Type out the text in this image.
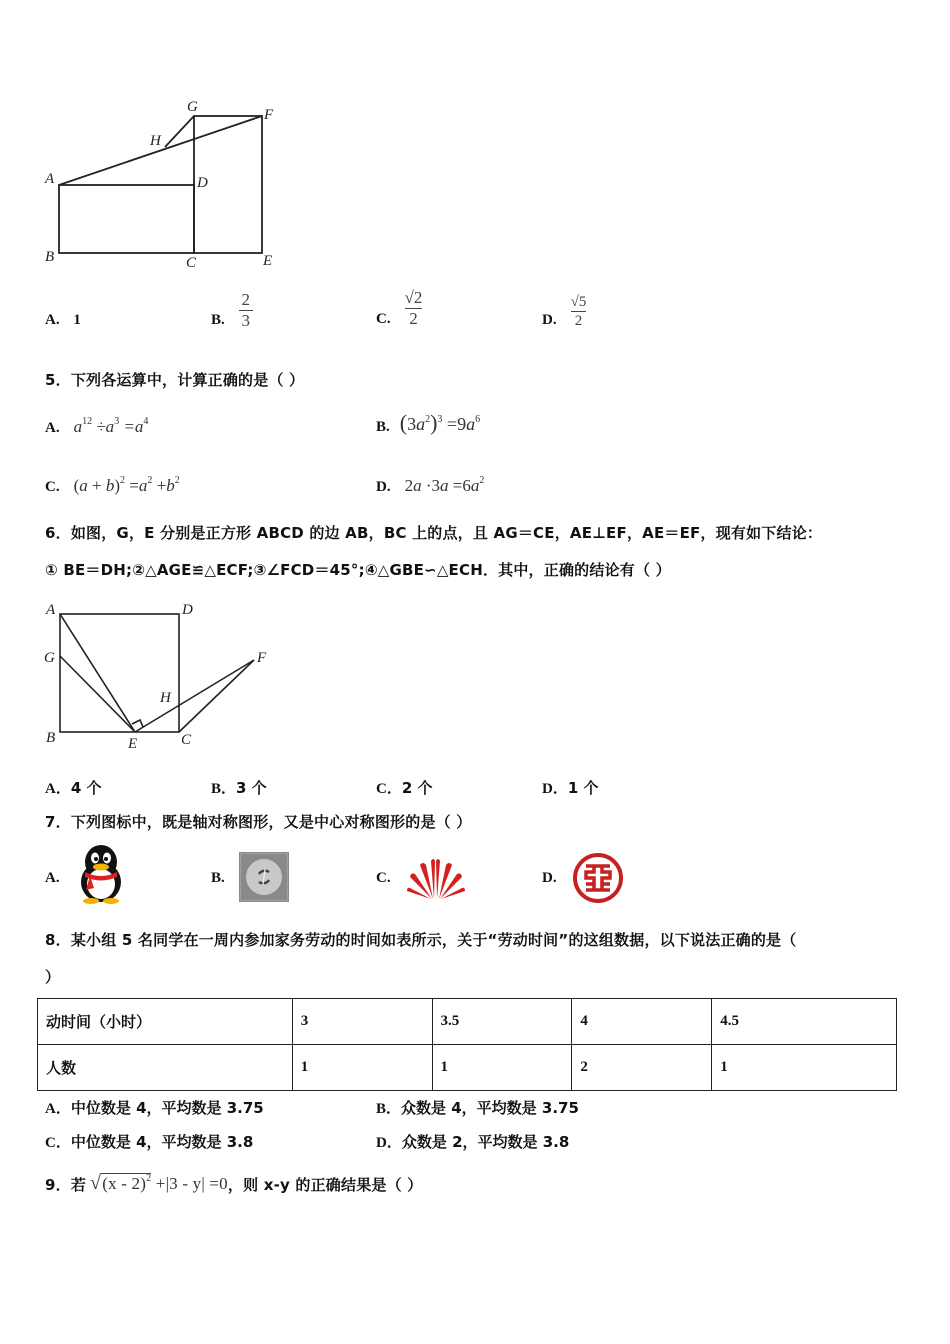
A
B	C
D
E
F
G
H
A. 1	B. $\frac{2}{3}$	C. $\frac{√2}{2}$	D. $\frac{√5}{2}$
5．下列各运算中，计算正确的是（ ）
A. $a^{12} \div a^3 =a^4$	B. $(3a^2)^3 =9a^6$
C. $(a + b)^2 =a^2 +b^2$	D. $2a \cdot 3a =6a^2$
6．如图，G，E 分别是正方形 ABCD 的边 AB，BC 上的点，且 AG＝CE，AE⊥EF，AE＝EF，现有如下结论：
① BE＝DH;②△AGE≌△ECF;③∠FCD＝45°;④△GBE∽△ECH．其中，正确的结论有（ ）
A	D
G	F
H
B	E	C
A．4 个	B．3 个	C．2 个	D．1 个
7．下列图标中，既是轴对称图形，又是中心对称图形的是（ ）
A.	B.	C.	D.
8．某小组 5 名同学在一周内参加家务劳动的时间如表所示，关于“劳动时间”的这组数据，以下说法正确的是（
）
动时间（小时）	3	3.5	4	4.5
人数	1	1	2	1
A．中位数是 4，平均数是 3.75	B．众数是 4，平均数是 3.75
C．中位数是 4，平均数是 3.8	D．众数是 2，平均数是 3.8
9．若 √(x - 2)$^2$ +|3 - y| =0 ，则 x-y 的正确结果是（ ）
